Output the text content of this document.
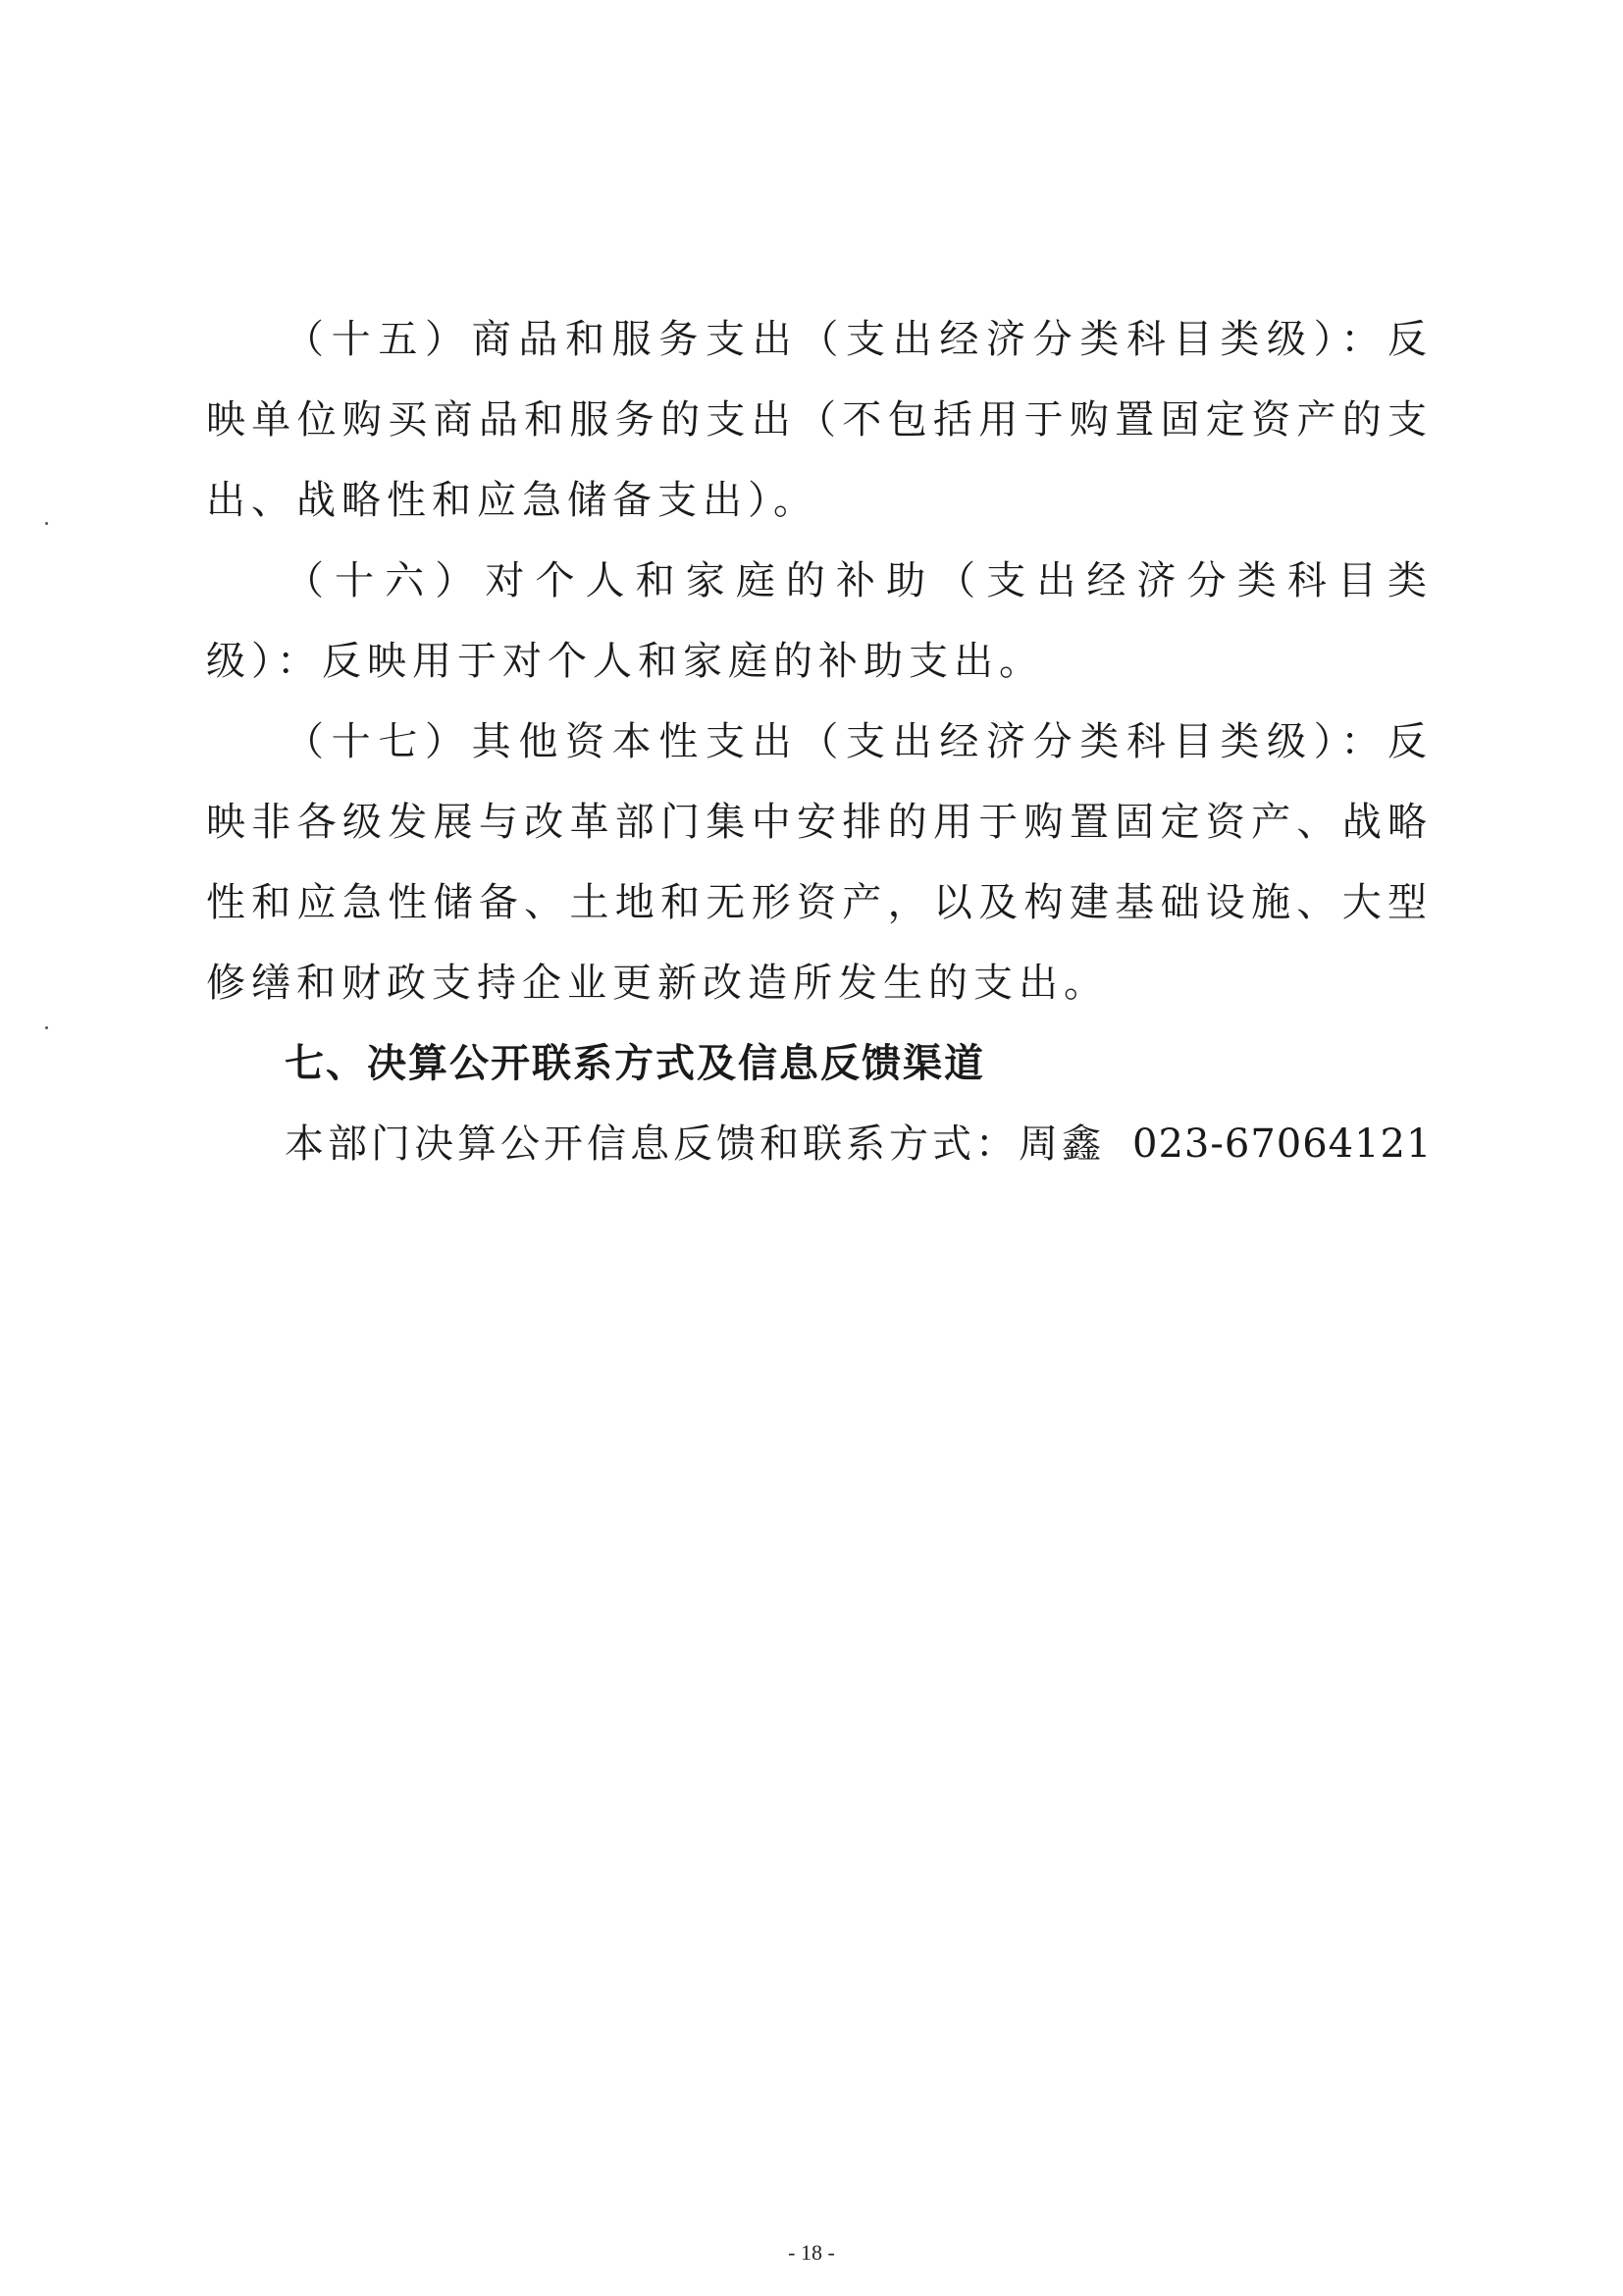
（十五）商品和服务支出（支出经济分类科目类级）：反映单位购买商品和服务的支出（不包括用于购置固定资产的支出、战略性和应急储备支出）。

（十六）对个人和家庭的补助（支出经济分类科目类级）：反映用于对个人和家庭的补助支出。

（十七）其他资本性支出（支出经济分类科目类级）：反映非各级发展与改革部门集中安排的用于购置固定资产、战略性和应急性储备、土地和无形资产，以及构建基础设施、大型修缮和财政支持企业更新改造所发生的支出。

七、决算公开联系方式及信息反馈渠道

本部门决算公开信息反馈和联系方式：周鑫 023-67064121

- 18 -
